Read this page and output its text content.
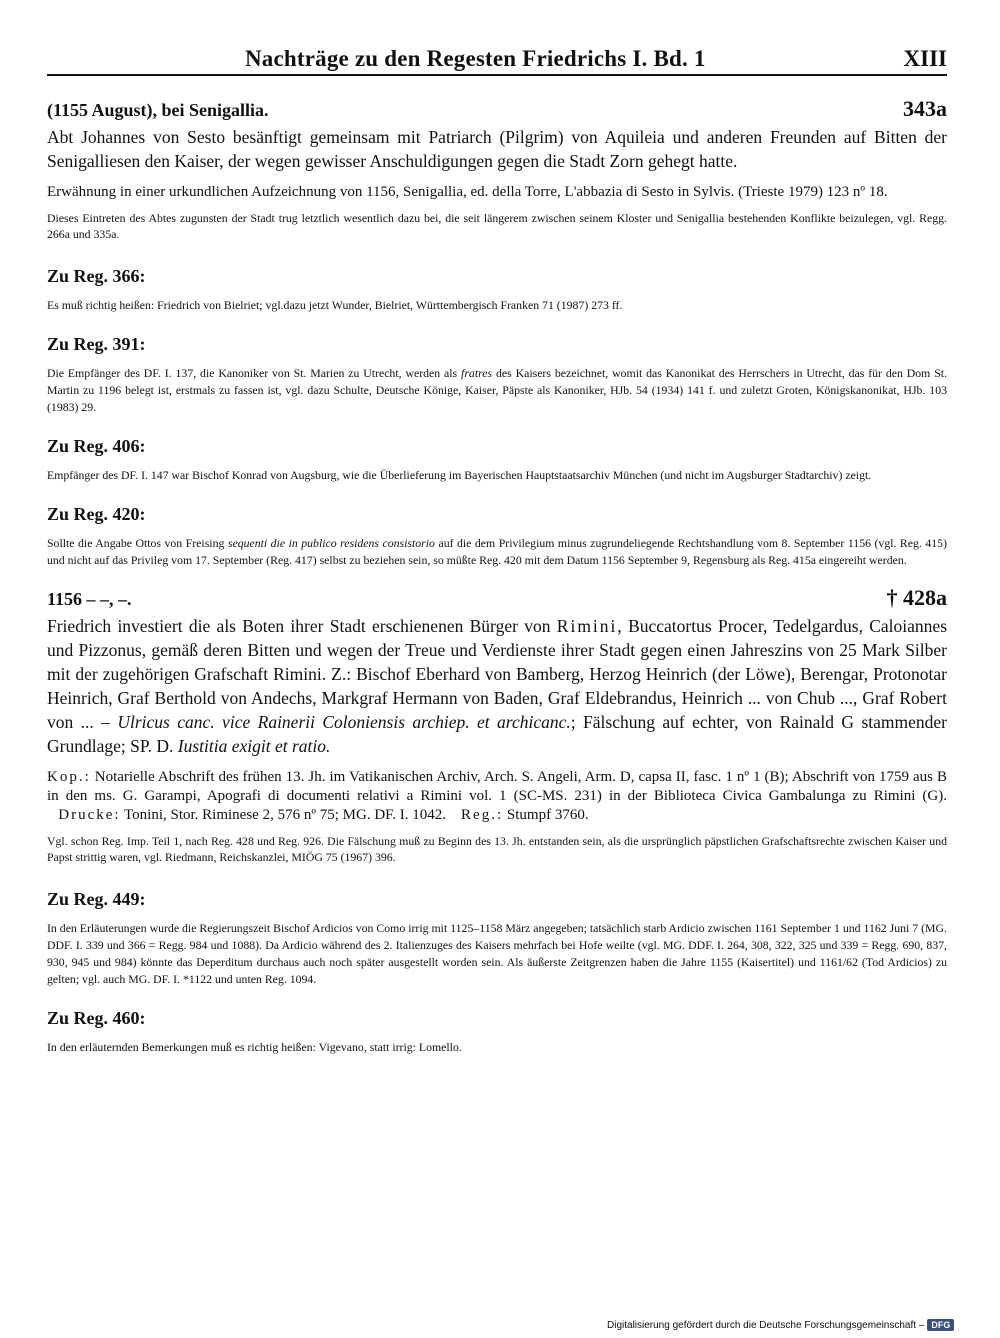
Nachträge zu den Regesten Friedrichs I. Bd. 1	XIII
(1155 August), bei Senigallia.	343a

Abt Johannes von Sesto besänftigt gemeinsam mit Patriarch (Pilgrim) von Aquileia und anderen Freunden auf Bitten der Senigalliesen den Kaiser, der wegen gewisser Anschuldigungen gegen die Stadt Zorn gehegt hatte.

Erwähnung in einer urkundlichen Aufzeichnung von 1156, Senigallia, ed. della Torre, L'abbazia di Sesto in Sylvis. (Trieste 1979) 123 nº 18.

Dieses Eintreten des Abtes zugunsten der Stadt trug letztlich wesentlich dazu bei, die seit längerem zwischen seinem Kloster und Senigallia bestehenden Konflikte beizulegen, vgl. Regg. 266a und 335a.

Zu Reg. 366:

Es muß richtig heißen: Friedrich von Bielriet; vgl.dazu jetzt Wunder, Bielriet, Württembergisch Franken 71 (1987) 273 ff.

Zu Reg. 391:

Die Empfänger des DF. I. 137, die Kanoniker von St. Marien zu Utrecht, werden als fratres des Kaisers bezeichnet, womit das Kanonikat des Herrschers in Utrecht, das für den Dom St. Martin zu 1196 belegt ist, erstmals zu fassen ist, vgl. dazu Schulte, Deutsche Könige, Kaiser, Päpste als Kanoniker, HJb. 54 (1934) 141 f. und zuletzt Groten, Königskanonikat, HJb. 103 (1983) 29.

Zu Reg. 406:

Empfänger des DF. I. 147 war Bischof Konrad von Augsburg, wie die Überlieferung im Bayerischen Hauptstaatsarchiv München (und nicht im Augsburger Stadtarchiv) zeigt.

Zu Reg. 420:

Sollte die Angabe Ottos von Freising sequenti die in publico residens consistorio auf die dem Privilegium minus zugrundeliegende Rechtshandlung vom 8. September 1156 (vgl. Reg. 415) und nicht auf das Privileg vom 17. September (Reg. 417) selbst zu beziehen sein, so müßte Reg. 420 mit dem Datum 1156 September 9, Regensburg als Reg. 415a eingereiht werden.

1156 – –, –.	† 428a

Friedrich investiert die als Boten ihrer Stadt erschienenen Bürger von Rimini, Buccatortus Procer, Tedelgardus, Caloiannes und Pizzonus, gemäß deren Bitten und wegen der Treue und Verdienste ihrer Stadt gegen einen Jahreszins von 25 Mark Silber mit der zugehörigen Grafschaft Rimini. Z.: Bischof Eberhard von Bamberg, Herzog Heinrich (der Löwe), Berengar, Protonotar Heinrich, Graf Berthold von Andechs, Markgraf Hermann von Baden, Graf Eldebrandus, Heinrich ... von Chub ..., Graf Robert von ... – Ulricus canc. vice Rainerii Coloniensis archiep. et archicanc.; Fälschung auf echter, von Rainald G stammender Grundlage; SP. D. Iustitia exigit et ratio.

Kop.: Notarielle Abschrift des frühen 13. Jh. im Vatikanischen Archiv, Arch. S. Angeli, Arm. D, capsa II, fasc. 1 nº 1 (B); Abschrift von 1759 aus B in den ms. G. Garampi, Apografi di documenti relativi a Rimini vol. 1 (SC-MS. 231) in der Biblioteca Civica Gambalunga zu Rimini (G).    Drucke: Tonini, Stor. Riminese 2, 576 nº 75; MG. DF. I. 1042. Reg.: Stumpf 3760.

Vgl. schon Reg. Imp. Teil 1, nach Reg. 428 und Reg. 926. Die Fälschung muß zu Beginn des 13. Jh. entstanden sein, als die ursprünglich päpstlichen Grafschaftsrechte zwischen Kaiser und Papst strittig waren, vgl. Riedmann, Reichskanzlei, MIÖG 75 (1967) 396.

Zu Reg. 449:

In den Erläuterungen wurde die Regierungszeit Bischof Ardicios von Como irrig mit 1125–1158 März angegeben; tatsächlich starb Ardicio zwischen 1161 September 1 und 1162 Juni 7 (MG. DDF. I. 339 und 366 = Regg. 984 und 1088). Da Ardicio während des 2. Italienzuges des Kaisers mehrfach bei Hofe weilte (vgl. MG. DDF. I. 264, 308, 322, 325 und 339 = Regg. 690, 837, 930, 945 und 984) könnte das Deperditum durchaus auch noch später ausgestellt worden sein. Als äußerste Zeitgrenzen haben die Jahre 1155 (Kaisertitel) und 1161/62 (Tod Ardicios) zu gelten; vgl. auch MG. DF. I. *1122 und unten Reg. 1094.

Zu Reg. 460:

In den erläuternden Bemerkungen muß es richtig heißen: Vigevano, statt irrig: Lomello.

Digitalisierung gefördert durch die Deutsche Forschungsgemeinschaft – DFG
